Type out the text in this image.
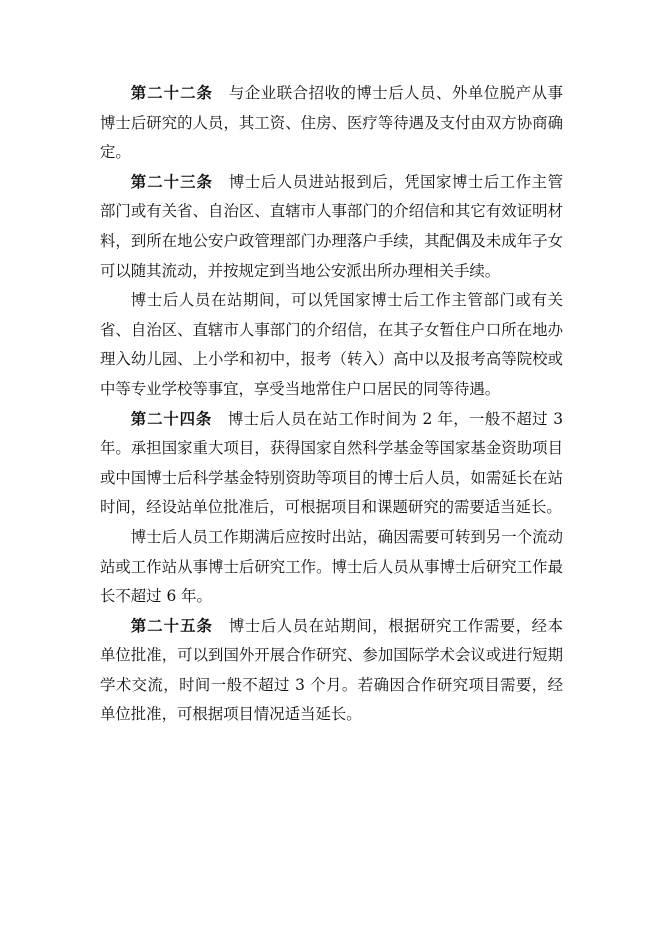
第二十二条 与企业联合招收的博士后人员、外单位脱产从事博士后研究的人员，其工资、住房、医疗等待遇及支付由双方协商确定。

第二十三条 博士后人员进站报到后，凭国家博士后工作主管部门或有关省、自治区、直辖市人事部门的介绍信和其它有效证明材料，到所在地公安户政管理部门办理落户手续，其配偶及未成年子女可以随其流动，并按规定到当地公安派出所办理相关手续。

博士后人员在站期间，可以凭国家博士后工作主管部门或有关省、自治区、直辖市人事部门的介绍信，在其子女暂住户口所在地办理入幼儿园、上小学和初中，报考（转入）高中以及报考高等院校或中等专业学校等事宜，享受当地常住户口居民的同等待遇。

第二十四条 博士后人员在站工作时间为 2 年，一般不超过 3 年。承担国家重大项目，获得国家自然科学基金等国家基金资助项目或中国博士后科学基金特别资助等项目的博士后人员，如需延长在站时间，经设站单位批准后，可根据项目和课题研究的需要适当延长。

博士后人员工作期满后应按时出站，确因需要可转到另一个流动站或工作站从事博士后研究工作。博士后人员从事博士后研究工作最长不超过 6 年。

第二十五条 博士后人员在站期间，根据研究工作需要，经本单位批准，可以到国外开展合作研究、参加国际学术会议或进行短期学术交流，时间一般不超过 3 个月。若确因合作研究项目需要，经单位批准，可根据项目情况适当延长。
